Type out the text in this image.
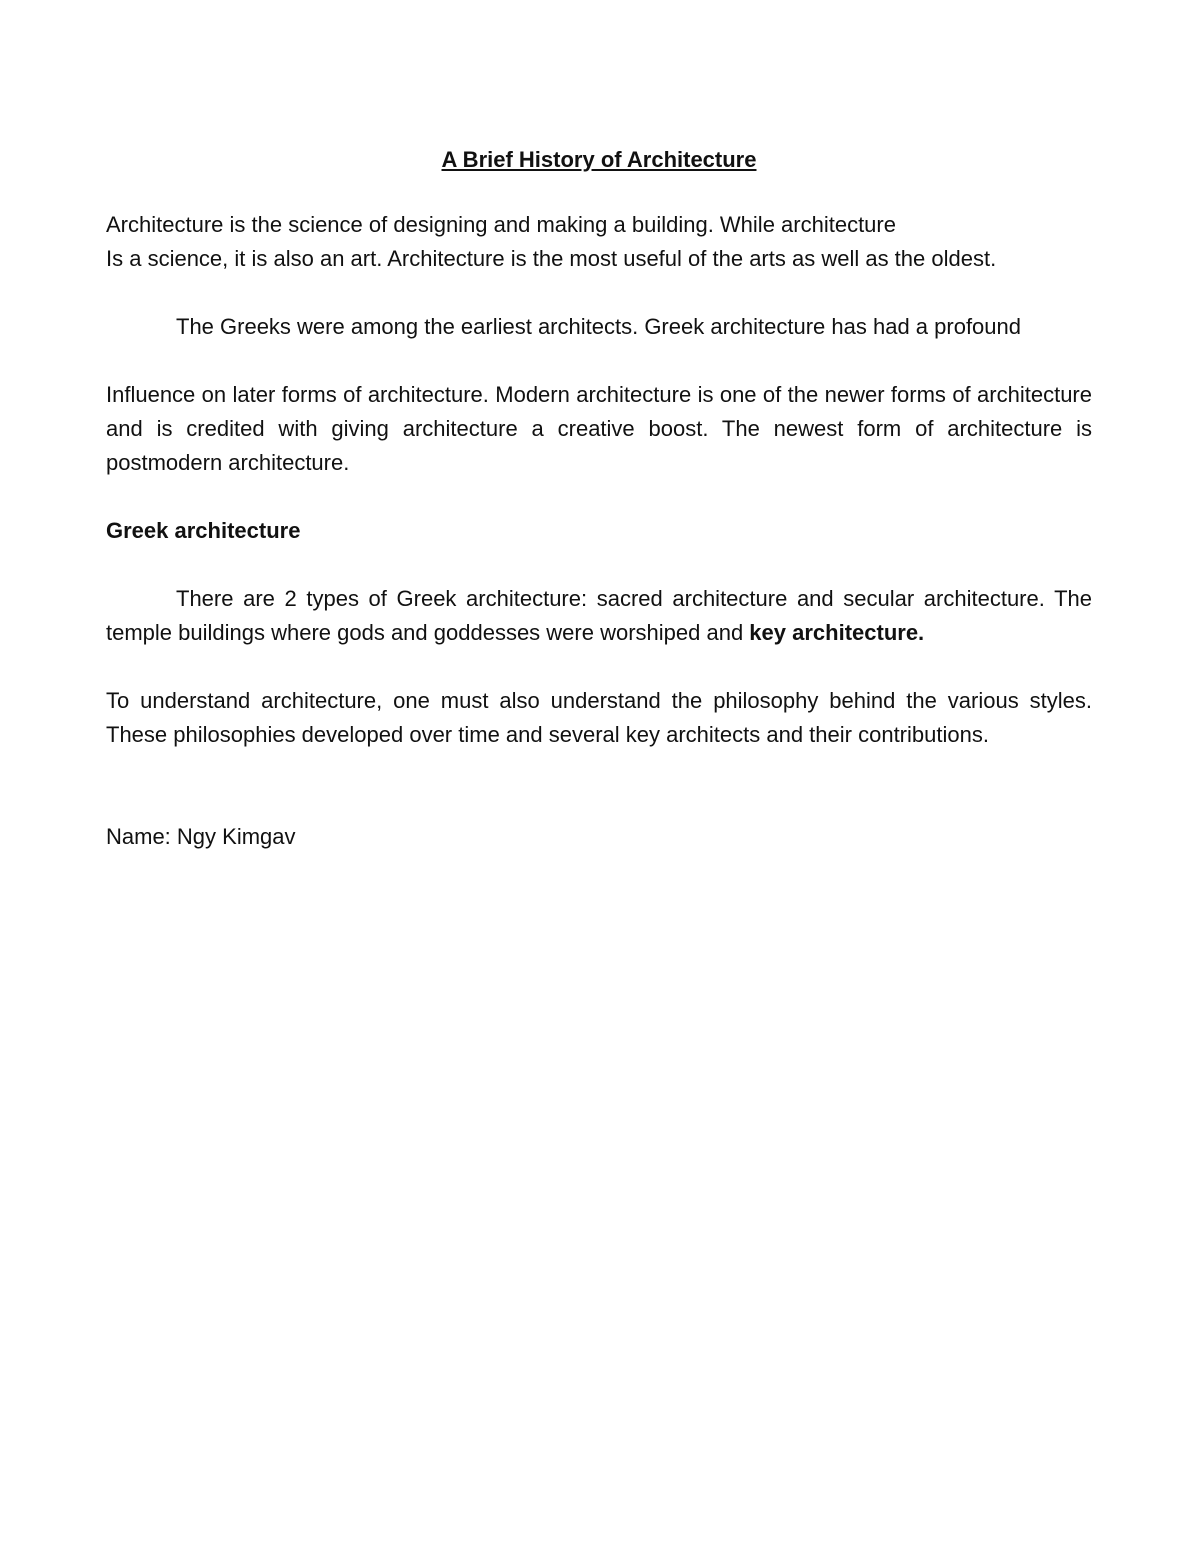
A Brief History of Architecture

Architecture is the science of designing and making a building. While architecture
Is a science, it is also an art. Architecture is the most useful of the arts as well as the oldest.

The Greeks were among the earliest architects. Greek architecture has had a profound

Influence on later forms of architecture. Modern architecture is one of the newer forms of architecture and is credited with giving architecture a creative boost. The newest form of architecture is postmodern architecture.

Greek architecture

There are 2 types of Greek architecture: sacred architecture and secular architecture. The temple buildings where gods and goddesses were worshiped and key architecture.

To understand architecture, one must also understand the philosophy behind the various styles. These philosophies developed over time and several key architects and their contributions.

Name: Ngy Kimgav
